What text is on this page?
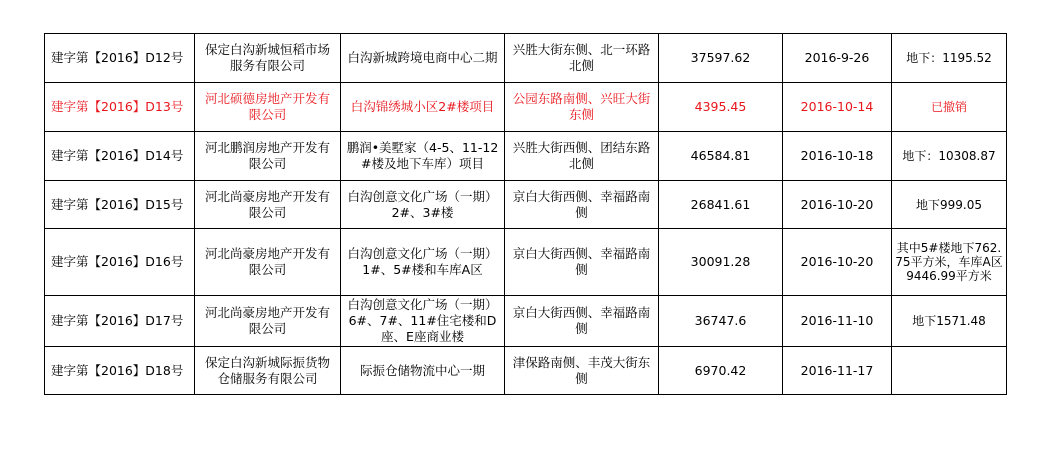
建字第【2016】D12号	保定白沟新城恒稻市场服务有限公司	白沟新城跨境电商中心二期	兴胜大街东侧、北一环路北侧	37597.62	2016-9-26	地下：1195.52
建字第【2016】D13号	河北硕德房地产开发有限公司	白沟锦绣城小区2#楼项目	公园东路南侧、兴旺大街东侧	4395.45	2016-10-14	已撤销
建字第【2016】D14号	河北鹏润房地产开发有限公司	鹏润•美墅家（4-5、11-12#楼及地下车库）项目	兴胜大街西侧、团结东路北侧	46584.81	2016-10-18	地下：10308.87
建字第【2016】D15号	河北尚豪房地产开发有限公司	白沟创意文化广场（一期）2#、3#楼	京白大街西侧、幸福路南侧	26841.61	2016-10-20	地下999.05
建字第【2016】D16号	河北尚豪房地产开发有限公司	白沟创意文化广场（一期）1#、5#楼和车库A区	京白大街西侧、幸福路南侧	30091.28	2016-10-20	其中5#楼地下762.75平方米，车库A区9446.99平方米
建字第【2016】D17号	河北尚豪房地产开发有限公司	白沟创意文化广场（一期）6#、7#、11#住宅楼和D座、E座商业楼	京白大街西侧、幸福路南侧	36747.6	2016-11-10	地下1571.48
建字第【2016】D18号	保定白沟新城际振货物仓储服务有限公司	际振仓储物流中心一期	津保路南侧、丰茂大街东侧	6970.42	2016-11-17	
